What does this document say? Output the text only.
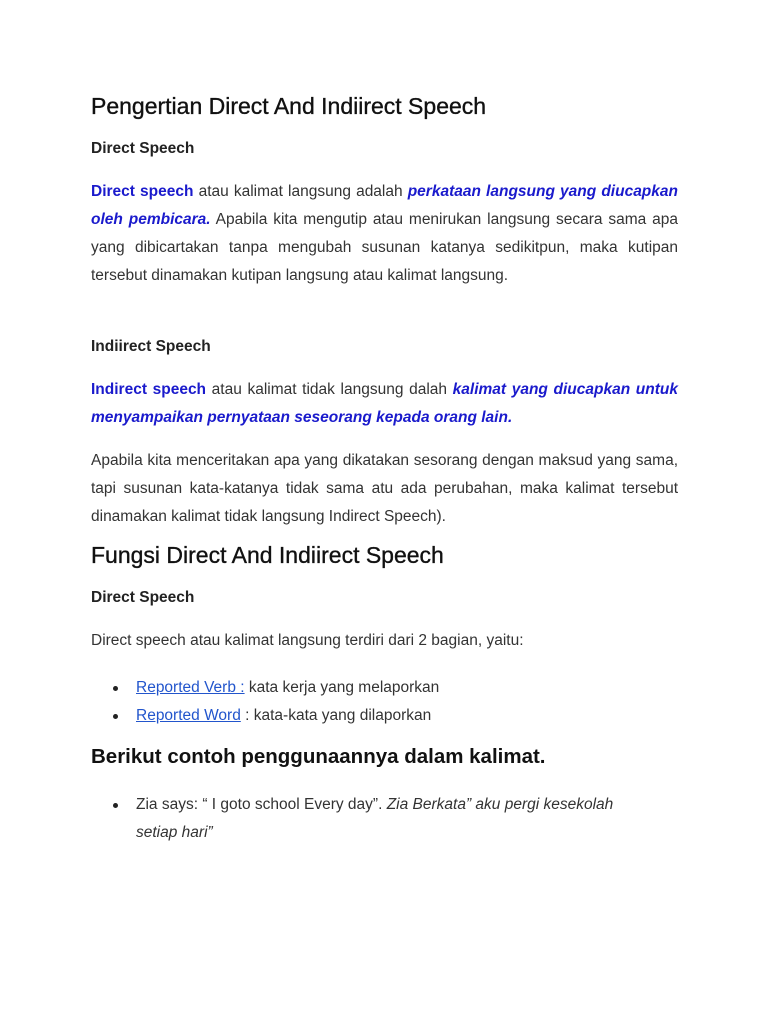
Pengertian Direct And Indiirect Speech
Direct Speech

Direct speech atau kalimat langsung adalah perkataan langsung yang diucapkan oleh pembicara. Apabila kita mengutip atau menirukan langsung secara sama apa yang dibicartakan tanpa mengubah susunan katanya sedikitpun, maka kutipan tersebut dinamakan kutipan langsung atau kalimat langsung.

Indiirect Speech

Indirect speech atau kalimat tidak langsung dalah kalimat yang diucapkan untuk menyampaikan pernyataan seseorang kepada orang lain.

Apabila kita menceritakan apa yang dikatakan sesorang dengan maksud yang sama, tapi susunan kata-katanya tidak sama atu ada perubahan, maka kalimat tersebut dinamakan kalimat tidak langsung Indirect Speech).

Fungsi Direct And Indiirect Speech
Direct Speech

Direct speech atau kalimat langsung terdiri dari 2 bagian, yaitu:

Reported Verb : kata kerja yang melaporkan
Reported Word : kata-kata yang dilaporkan
Berikut contoh penggunaannya dalam kalimat.
Zia says: “ I goto school Every day”. Zia Berkata” aku pergi kesekolah setiap hari”
